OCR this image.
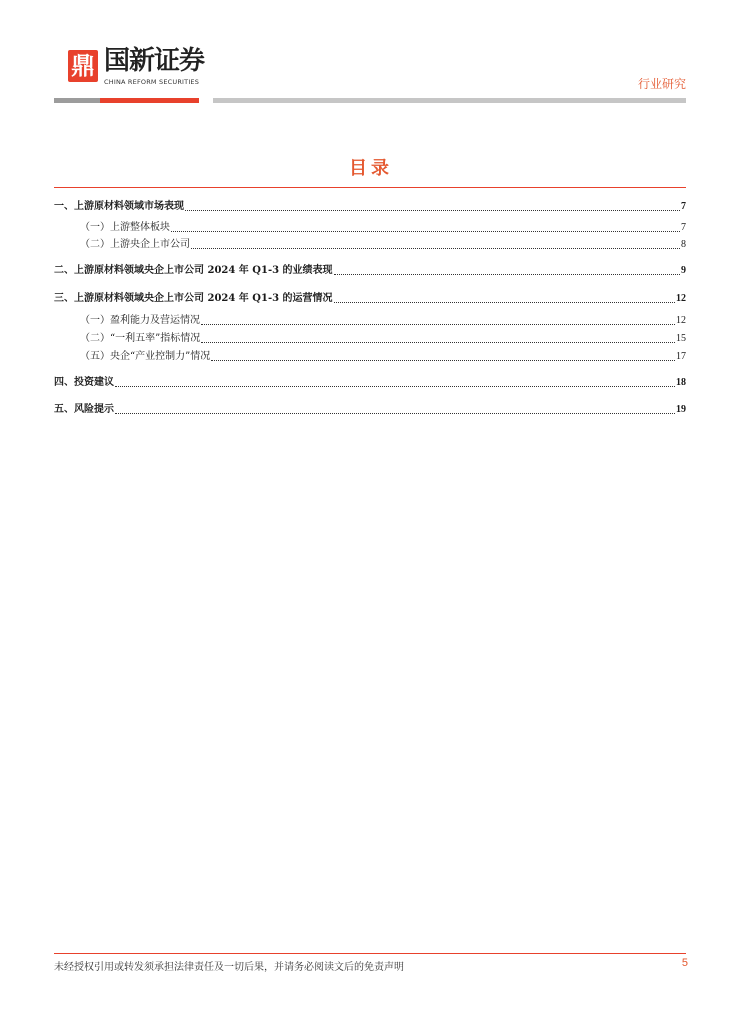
鼎 国新证券
CHINA REFORM SECURITIES	行业研究
目录
一、上游原材料领域市场表现	7
（一）上游整体板块	7
（二）上游央企上市公司	8
二、上游原材料领域央企上市公司 2024 年 Q1-3 的业绩表现	9
三、上游原材料领域央企上市公司 2024 年 Q1-3 的运营情况	12
（一）盈利能力及营运情况	12
（二）“一利五率”指标情况	15
（五）央企“产业控制力”情况	17
四、投资建议	18
五、风险提示	19
未经授权引用或转发须承担法律责任及一切后果，并请务必阅读文后的免责声明	5
